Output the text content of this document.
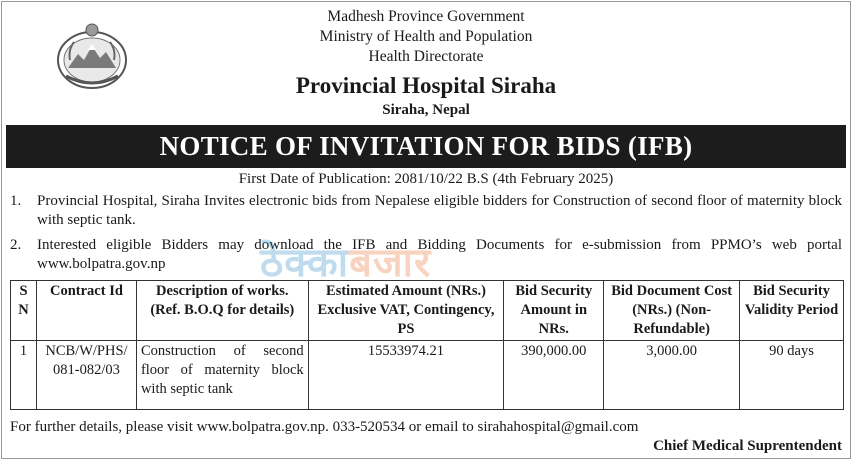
Madhesh Province Government
Ministry of Health and Population
Health Directorate
Provincial Hospital Siraha
Siraha, Nepal
NOTICE OF INVITATION FOR BIDS (IFB)
First Date of Publication: 2081/10/22 B.S (4th February 2025)
1. Provincial Hospital, Siraha Invites electronic bids from Nepalese eligible bidders for Construction of second floor of maternity block with septic tank.
2. Interested eligible Bidders may download the IFB and Bidding Documents for e-submission from PPMO’s web portal www.bolpatra.gov.np	ठेक्काबजार
S N	Contract Id	Description of works. (Ref. B.O.Q for details)	Estimated Amount (NRs.) Exclusive VAT, Contingency, PS	Bid Security Amount in NRs.	Bid Document Cost (NRs.) (Non-Refundable)	Bid Security Validity Period
1	NCB/W/PHS/ 081-082/03	Construction of second floor of maternity block with septic tank	15533974.21	390,000.00	3,000.00	90 days
For further details, please visit www.bolpatra.gov.np. 033-520534 or email to sirahahospital@gmail.com
Chief Medical Suprentendent
